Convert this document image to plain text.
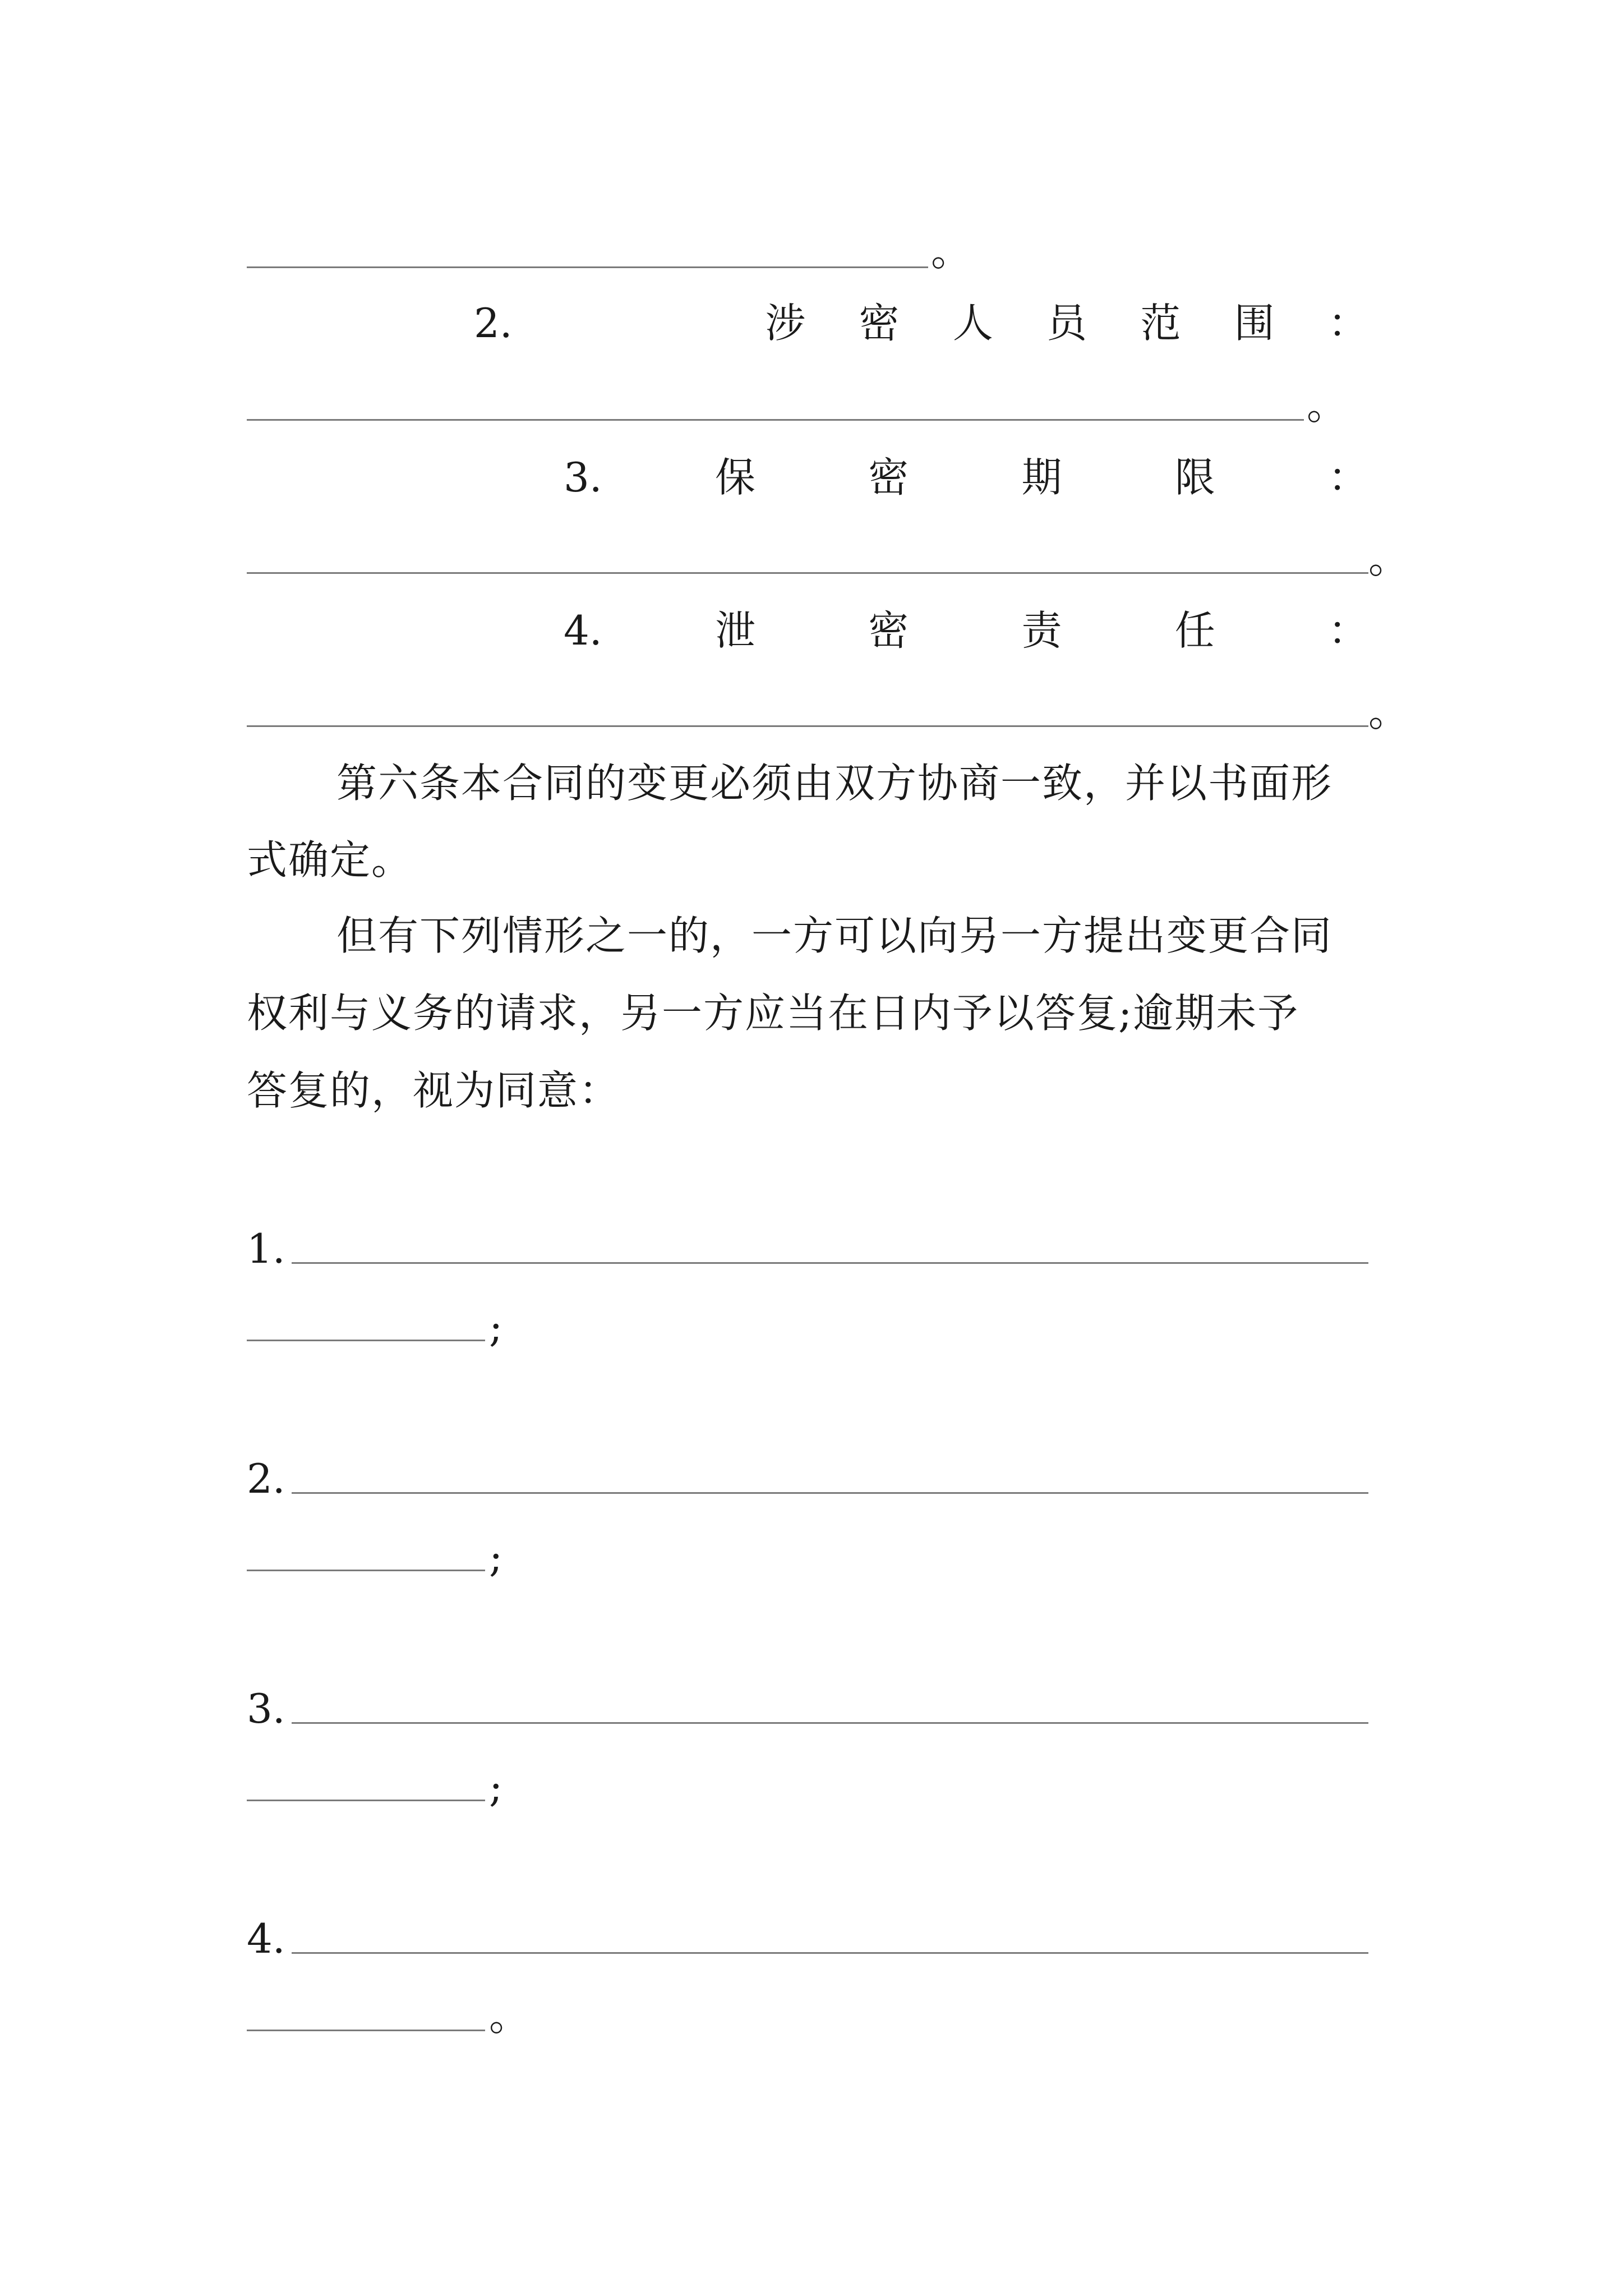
。
2.	涉 密 人 员 范 围 ：
。
3.	保	密	期	限	：
。
4.	泄	密	责	任	：
。
第六条本合同的变更必须由双方协商一致，并以书面形
式确定。
但有下列情形之一的，一方可以向另一方提出变更合同
权利与义务的请求，另一方应当在日内予以答复;逾期未予
答复的，视为同意：
1.
;
2.
;
3.
;
4.
。
